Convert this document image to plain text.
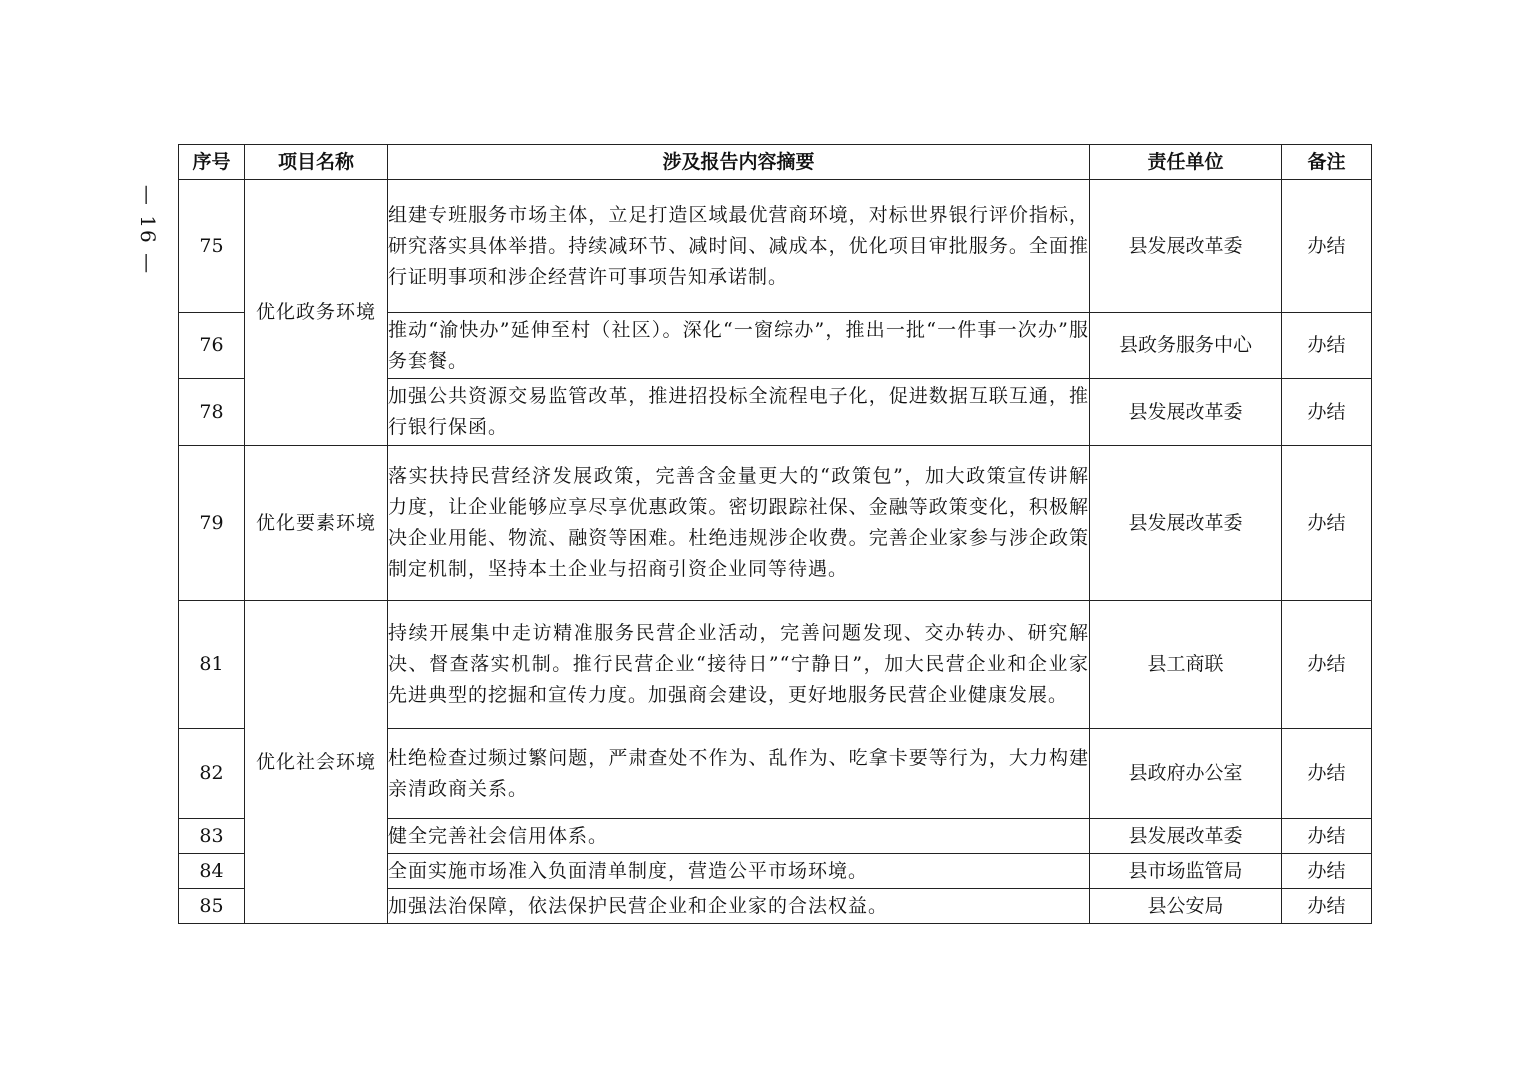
— 16 —
序号	项目名称	涉及报告内容摘要	责任单位	备注
75	优化政务环境	组建专班服务市场主体，立足打造区域最优营商环境，对标世界银行评价指标，研究落实具体举措。持续减环节、减时间、减成本，优化项目审批服务。全面推行证明事项和涉企经营许可事项告知承诺制。	县发展改革委	办结
76		推动“渝快办”延伸至村（社区）。深化“一窗综办”，推出一批“一件事一次办”服务套餐。	县政务服务中心	办结
78		加强公共资源交易监管改革，推进招投标全流程电子化，促进数据互联互通，推行银行保函。	县发展改革委	办结
79	优化要素环境	落实扶持民营经济发展政策，完善含金量更大的“政策包”，加大政策宣传讲解力度，让企业能够应享尽享优惠政策。密切跟踪社保、金融等政策变化，积极解决企业用能、物流、融资等困难。杜绝违规涉企收费。完善企业家参与涉企政策制定机制，坚持本土企业与招商引资企业同等待遇。	县发展改革委	办结
81	优化社会环境	持续开展集中走访精准服务民营企业活动，完善问题发现、交办转办、研究解决、督查落实机制。推行民营企业“接待日”“宁静日”，加大民营企业和企业家先进典型的挖掘和宣传力度。加强商会建设，更好地服务民营企业健康发展。	县工商联	办结
82		杜绝检查过频过繁问题，严肃查处不作为、乱作为、吃拿卡要等行为，大力构建亲清政商关系。	县政府办公室	办结
83		健全完善社会信用体系。	县发展改革委	办结
84		全面实施市场准入负面清单制度，营造公平市场环境。	县市场监管局	办结
85		加强法治保障，依法保护民营企业和企业家的合法权益。	县公安局	办结
